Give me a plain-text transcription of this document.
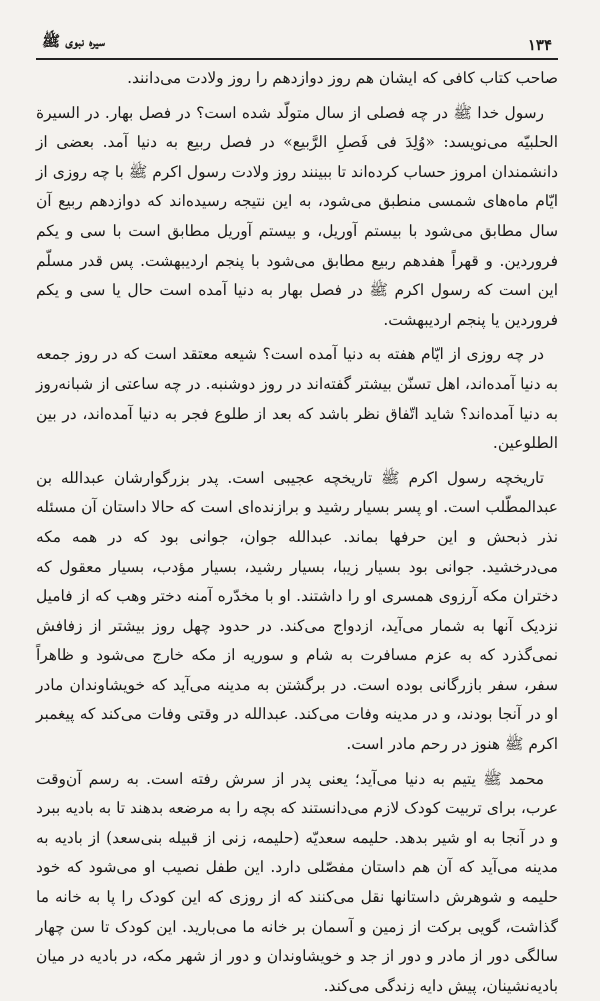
۱۳۴
سیره نبوی ﷺ

صاحب کتاب کافی که ایشان هم روز دوازدهم را روز ولادت می‌دانند.

رسول خدا ﷺ در چه فصلی از سال متولّد شده است؟ در فصل بهار. در السیرة الحلبیّه می‌نویسد: «وُلِدَ فی فَصلِ الرَّبیع» در فصل ربیع به دنیا آمد. بعضی از دانشمندان امروز حساب کرده‌اند تا ببینند روز ولادت رسول اکرم ﷺ با چه روزی از ایّام ماه‌های شمسی منطبق می‌شود، به این نتیجه رسیده‌اند که دوازدهم ربیع آن سال مطابق می‌شود با بیستم آوریل، و بیستم آوریل مطابق است با سی و یکم فروردین. و قهراً هفدهم ربیع مطابق می‌شود با پنجم اردیبهشت. پس قدر مسلّم این است که رسول اکرم ﷺ در فصل بهار به دنیا آمده است حال یا سی و یکم فروردین یا پنجم اردیبهشت.

در چه روزی از ایّام هفته به دنیا آمده است؟ شیعه معتقد است که در روز جمعه به دنیا آمده‌اند، اهل تسنّن بیشتر گفته‌اند در روز دوشنبه. در چه ساعتی از شبانه‌روز به دنیا آمده‌اند؟ شاید اتّفاق نظر باشد که بعد از طلوع فجر به دنیا آمده‌اند، در بین الطلوعین.

تاریخچه رسول اکرم ﷺ تاریخچه عجیبی است. پدر بزرگوارشان عبدالله بن عبدالمطّلب است. او پسر بسیار رشید و برازنده‌ای است که حالا داستان آن مسئله نذر ذبحش و این حرفها بماند. عبدالله جوان، جوانی بود که در همه مکه می‌درخشید. جوانی بود بسیار زیبا، بسیار رشید، بسیار مؤدب، بسیار معقول که دختران مکه آرزوی همسری او را داشتند. او با مخدّره آمنه دختر وهب که از فامیل نزدیک آنها به شمار می‌آید، ازدواج می‌کند. در حدود چهل روز بیشتر از زفافش نمی‌گذرد که به عزم مسافرت به شام و سوریه از مکه خارج می‌شود و ظاهراً سفر، سفر بازرگانی بوده است. در برگشتن به مدینه می‌آید که خویشاوندان مادر او در آنجا بودند، و در مدینه وفات می‌کند. عبدالله در وقتی وفات می‌کند که پیغمبر اکرم ﷺ هنوز در رحم مادر است.

محمد ﷺ یتیم به دنیا می‌آید؛ یعنی پدر از سرش رفته است. به رسم آن‌وقت عرب، برای تربیت کودک لازم می‌دانستند که بچه را به مرضعه بدهند تا به بادیه ببرد و در آنجا به او شیر بدهد. حلیمه سعدیّه (حلیمه، زنی از قبیله بنی‌سعد) از بادیه به مدینه می‌آید که آن هم داستان مفصّلی دارد. این طفل نصیب او می‌شود که خود حلیمه و شوهرش داستانها نقل می‌کنند که از روزی که این کودک را پا به خانه ما گذاشت، گویی برکت از زمین و آسمان بر خانه ما می‌بارید. این کودک تا سن چهار سالگی دور از مادر و دور از جد و خویشاوندان و دور از شهر مکه، در بادیه در میان بادیه‌نشینان، پیش دایه زندگی می‌کند.
